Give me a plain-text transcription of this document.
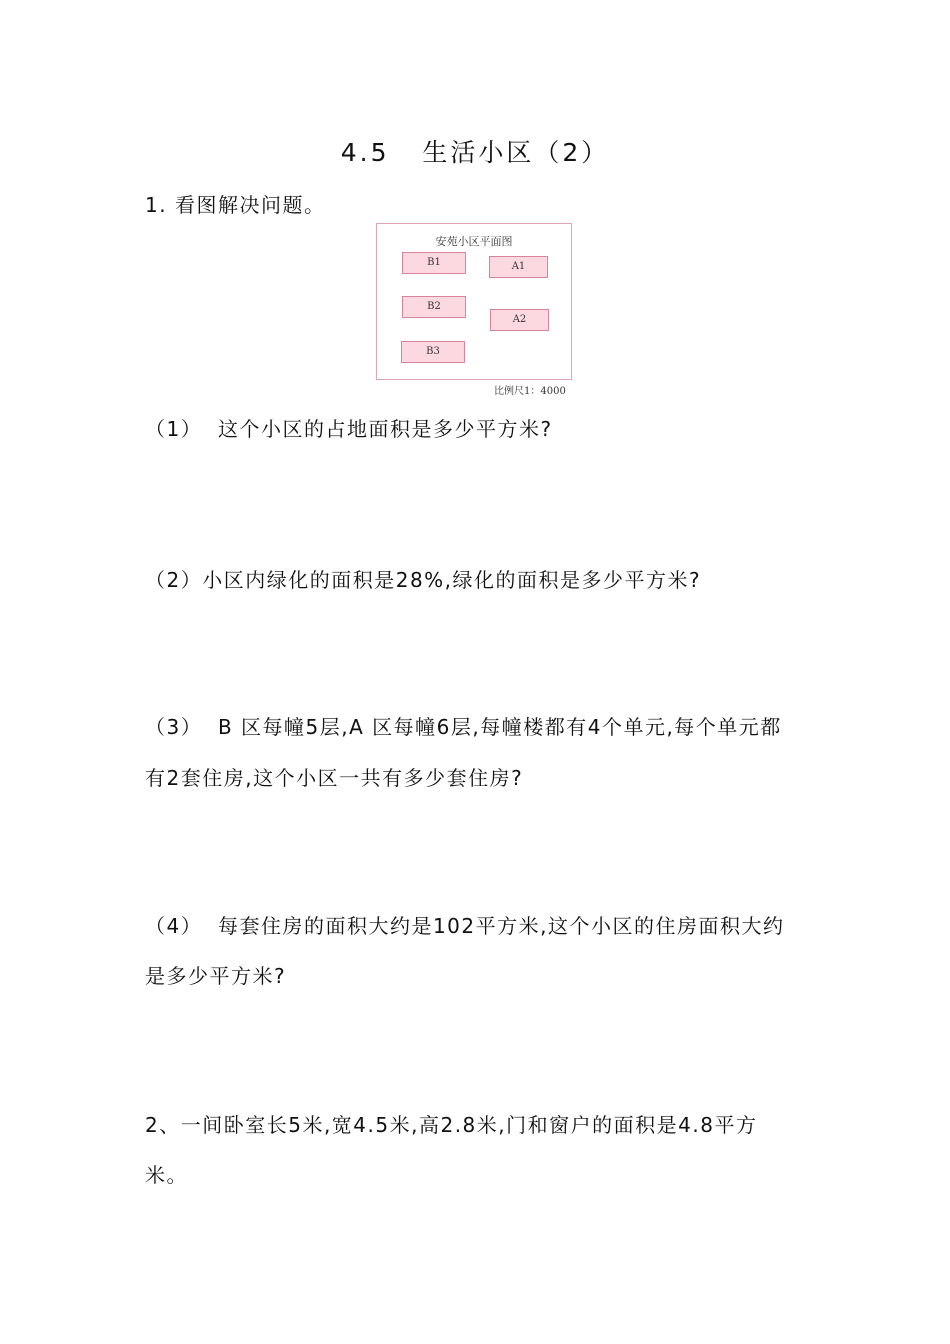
4.5   生活小区（2）
1. 看图解决问题。
安苑小区平面图
B1	A1
B2
A2
B3
比例尺1：4000
（1）  这个小区的占地面积是多少平方米?
（2）小区内绿化的面积是28%,绿化的面积是多少平方米?
（3）  B 区每幢5层,A 区每幢6层,每幢楼都有4个单元,每个单元都
有2套住房,这个小区一共有多少套住房?
（4）  每套住房的面积大约是102平方米,这个小区的住房面积大约
是多少平方米?
2、一间卧室长5米,宽4.5米,高2.8米,门和窗户的面积是4.8平方
米。
